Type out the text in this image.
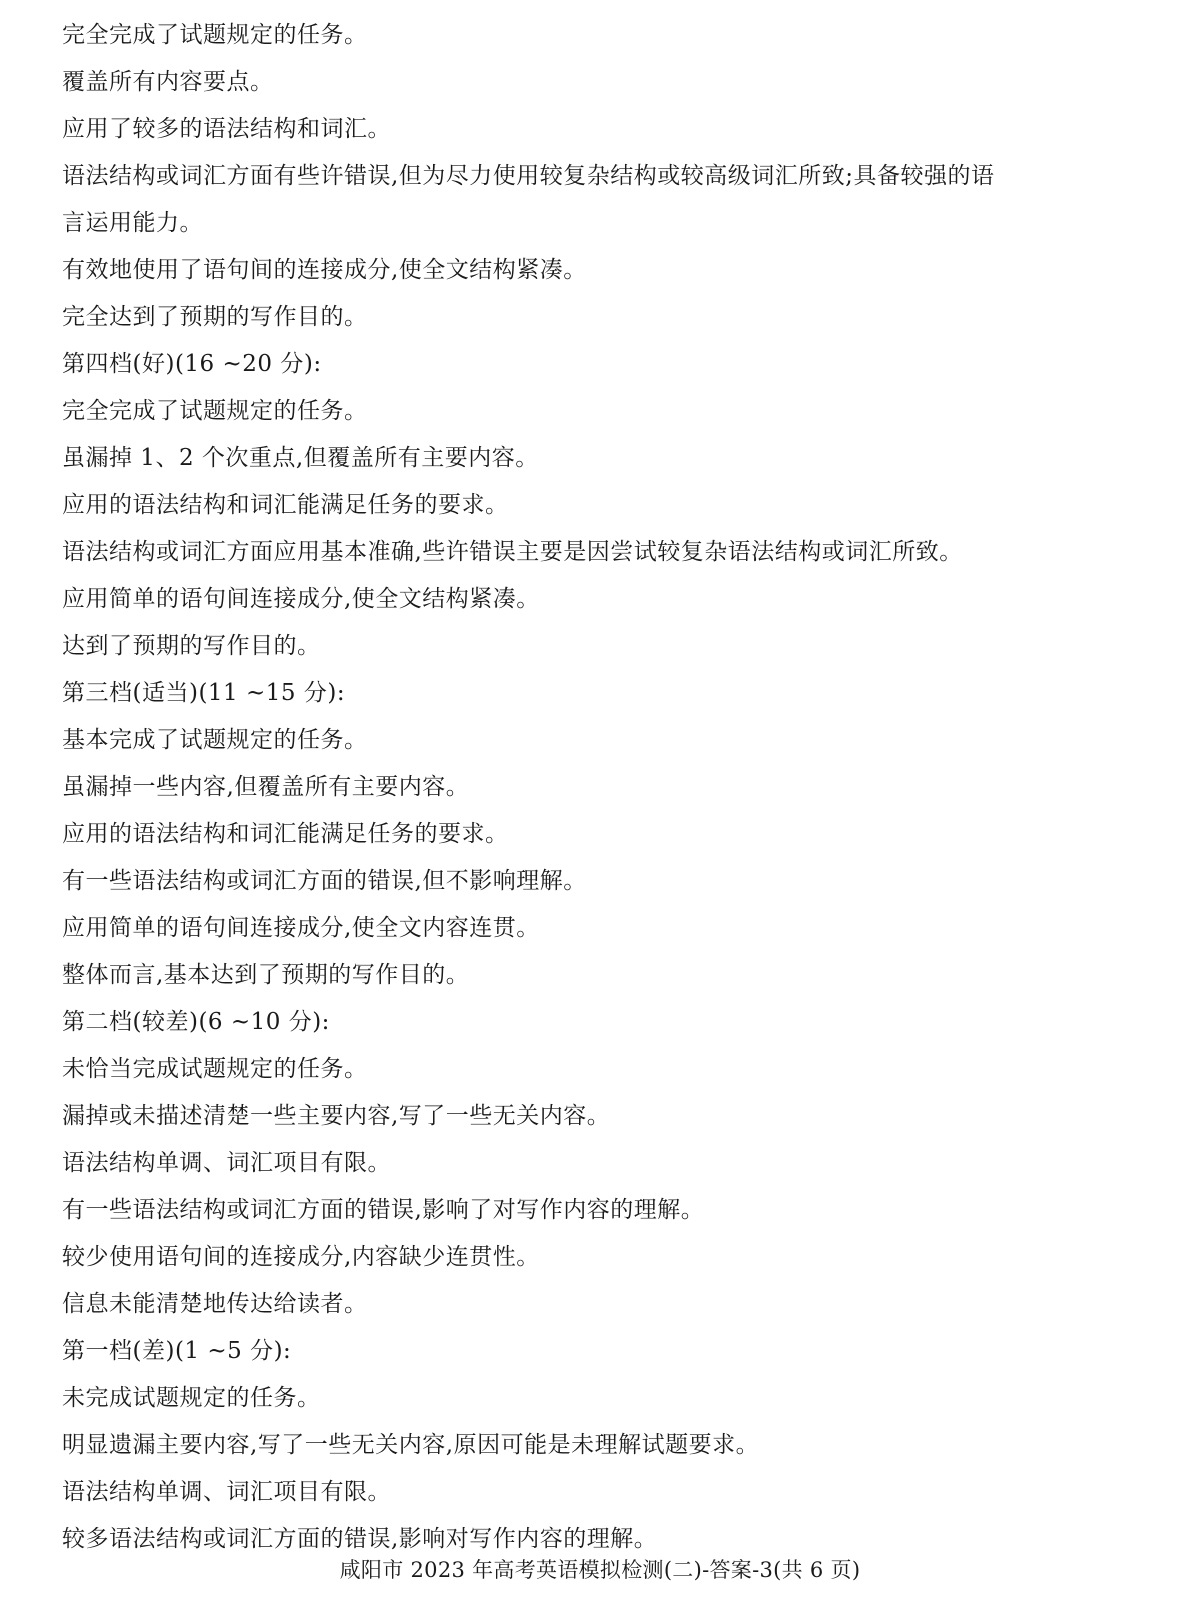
完全完成了试题规定的任务。
覆盖所有内容要点。
应用了较多的语法结构和词汇。
语法结构或词汇方面有些许错误,但为尽力使用较复杂结构或较高级词汇所致;具备较强的语
言运用能力。
有效地使用了语句间的连接成分,使全文结构紧凑。
完全达到了预期的写作目的。
第四档(好)(16 ~20 分):
完全完成了试题规定的任务。
虽漏掉 1、2 个次重点,但覆盖所有主要内容。
应用的语法结构和词汇能满足任务的要求。
语法结构或词汇方面应用基本准确,些许错误主要是因尝试较复杂语法结构或词汇所致。
应用简单的语句间连接成分,使全文结构紧凑。
达到了预期的写作目的。
第三档(适当)(11 ~15 分):
基本完成了试题规定的任务。
虽漏掉一些内容,但覆盖所有主要内容。
应用的语法结构和词汇能满足任务的要求。
有一些语法结构或词汇方面的错误,但不影响理解。
应用简单的语句间连接成分,使全文内容连贯。
整体而言,基本达到了预期的写作目的。
第二档(较差)(6 ~10 分):
未恰当完成试题规定的任务。
漏掉或未描述清楚一些主要内容,写了一些无关内容。
语法结构单调、词汇项目有限。
有一些语法结构或词汇方面的错误,影响了对写作内容的理解。
较少使用语句间的连接成分,内容缺少连贯性。
信息未能清楚地传达给读者。
第一档(差)(1 ~5 分):
未完成试题规定的任务。
明显遗漏主要内容,写了一些无关内容,原因可能是未理解试题要求。
语法结构单调、词汇项目有限。
较多语法结构或词汇方面的错误,影响对写作内容的理解。
咸阳市 2023 年高考英语模拟检测(二)-答案-3(共 6 页)
